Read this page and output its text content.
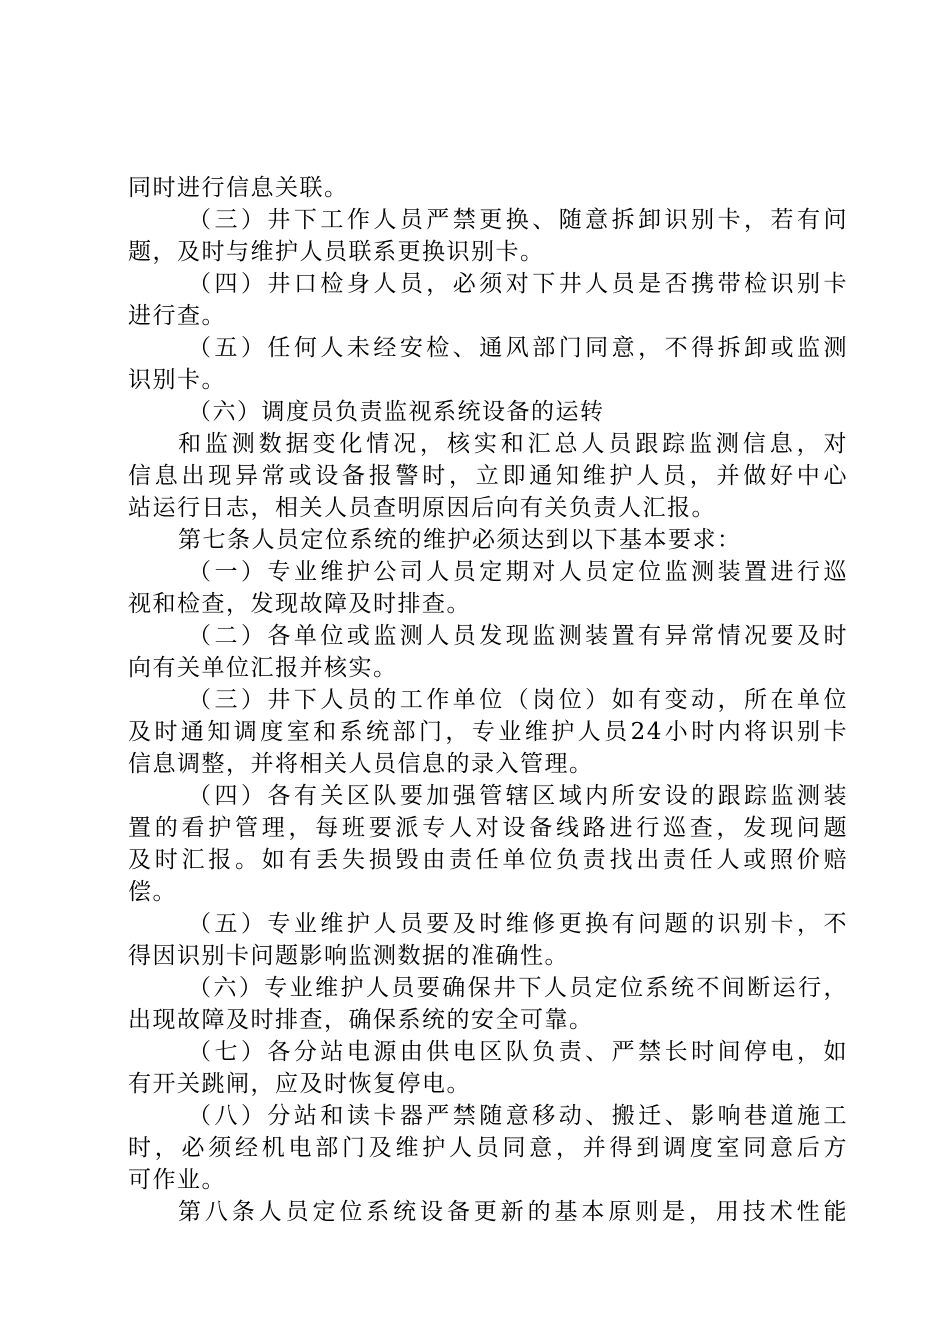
同时进行信息关联。
（三）井下工作人员严禁更换、随意拆卸识别卡，若有问
题，及时与维护人员联系更换识别卡。
（四）井口检身人员，必须对下井人员是否携带检识别卡
进行查。
（五）任何人未经安检、通风部门同意，不得拆卸或监测
识别卡。
（六）调度员负责监视系统设备的运转
和监测数据变化情况，核实和汇总人员跟踪监测信息，对
信息出现异常或设备报警时，立即通知维护人员，并做好中心
站运行日志，相关人员查明原因后向有关负责人汇报。
第七条人员定位系统的维护必须达到以下基本要求：
（一）专业维护公司人员定期对人员定位监测装置进行巡
视和检查，发现故障及时排查。
（二）各单位或监测人员发现监测装置有异常情况要及时
向有关单位汇报并核实。
（三）井下人员的工作单位（岗位）如有变动，所在单位
及时通知调度室和系统部门，专业维护人员24小时内将识别卡
信息调整，并将相关人员信息的录入管理。
（四）各有关区队要加强管辖区域内所安设的跟踪监测装
置的看护管理，每班要派专人对设备线路进行巡查，发现问题
及时汇报。如有丢失损毁由责任单位负责找出责任人或照价赔
偿。
（五）专业维护人员要及时维修更换有问题的识别卡，不
得因识别卡问题影响监测数据的准确性。
（六）专业维护人员要确保井下人员定位系统不间断运行，
出现故障及时排查，确保系统的安全可靠。
（七）各分站电源由供电区队负责、严禁长时间停电，如
有开关跳闸，应及时恢复停电。
（八）分站和读卡器严禁随意移动、搬迁、影响巷道施工
时，必须经机电部门及维护人员同意，并得到调度室同意后方
可作业。
第八条人员定位系统设备更新的基本原则是，用技术性能
